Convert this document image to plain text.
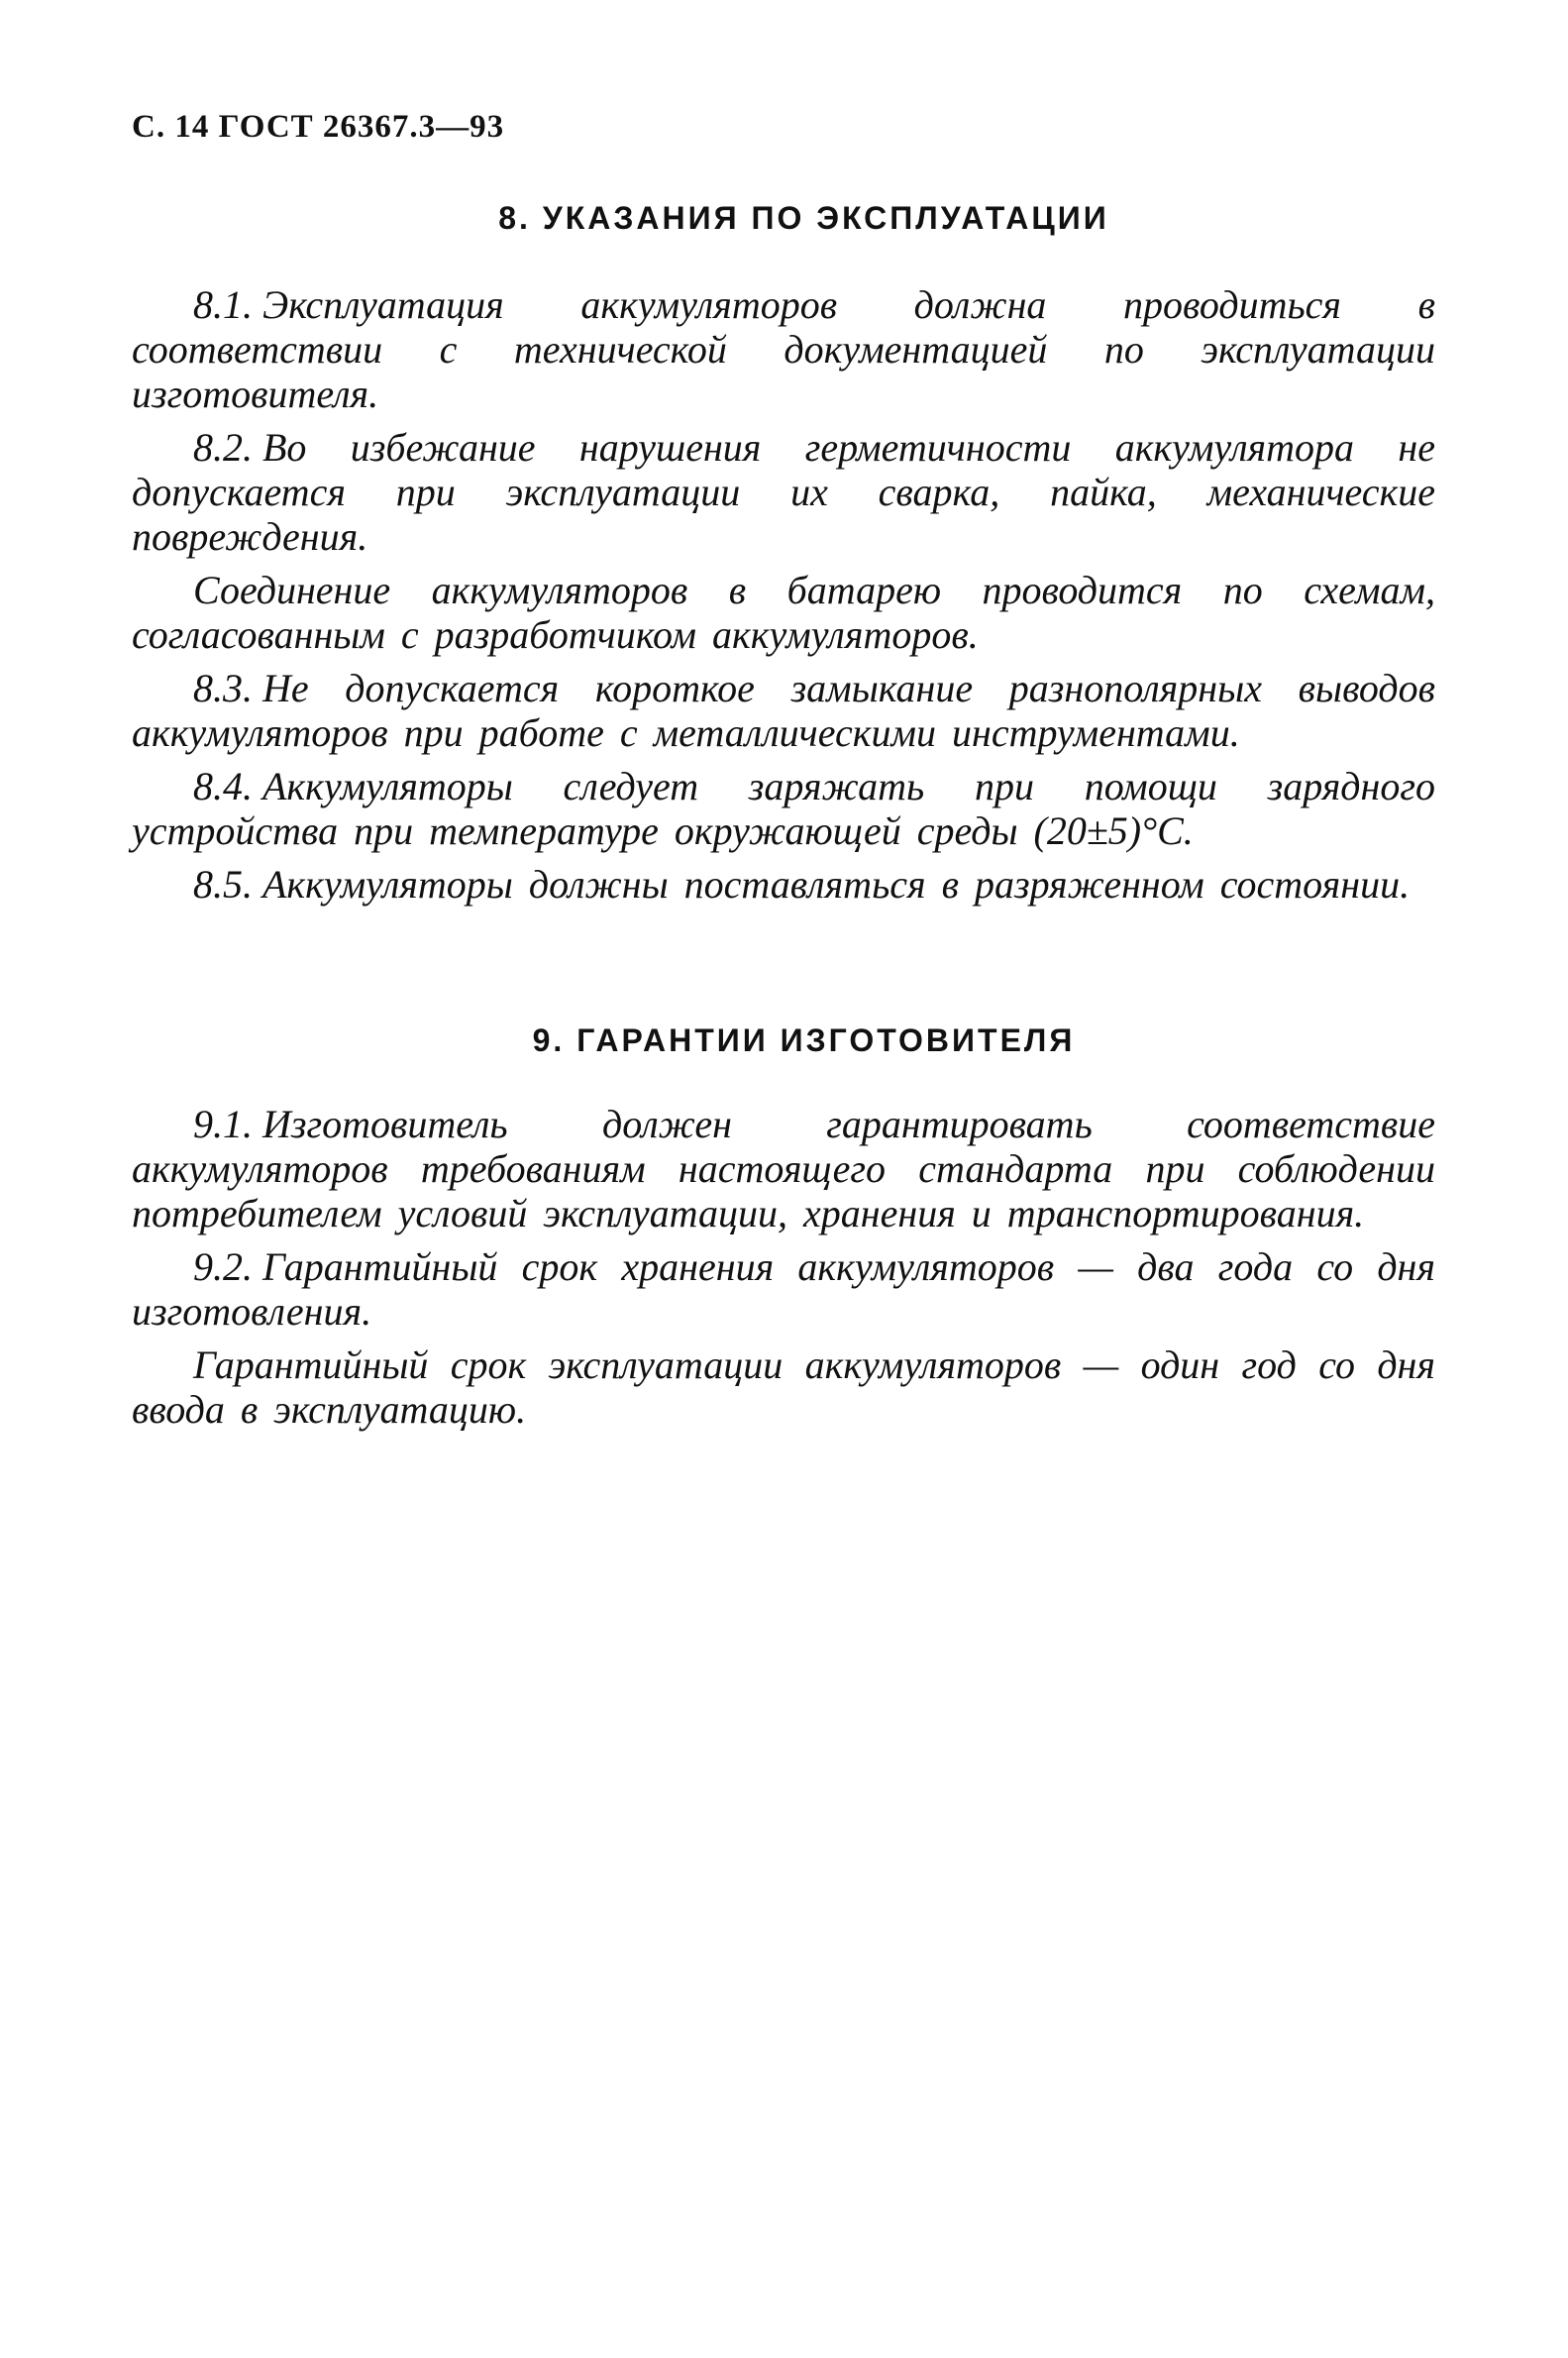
С. 14 ГОСТ 26367.3—93
8. УКАЗАНИЯ ПО ЭКСПЛУАТАЦИИ

8.1. Эксплуатация аккумуляторов должна проводиться в соответствии с технической документацией по эксплуатации изготовителя.

8.2. Во избежание нарушения герметичности аккумулятора не допускается при эксплуатации их сварка, пайка, механические повреждения.

Соединение аккумуляторов в батарею проводится по схемам, согласованным с разработчиком аккумуляторов.

8.3. Не допускается короткое замыкание разнополярных выводов аккумуляторов при работе с металлическими инструментами.

8.4. Аккумуляторы следует заряжать при помощи зарядного устройства при температуре окружающей среды (20±5)°С.

8.5. Аккумуляторы должны поставляться в разряженном состоянии.

9. ГАРАНТИИ ИЗГОТОВИТЕЛЯ

9.1. Изготовитель должен гарантировать соответствие аккумуляторов требованиям настоящего стандарта при соблюдении потребителем условий эксплуатации, хранения и транспортирования.

9.2. Гарантийный срок хранения аккумуляторов — два года со дня изготовления.

Гарантийный срок эксплуатации аккумуляторов — один год со дня ввода в эксплуатацию.
